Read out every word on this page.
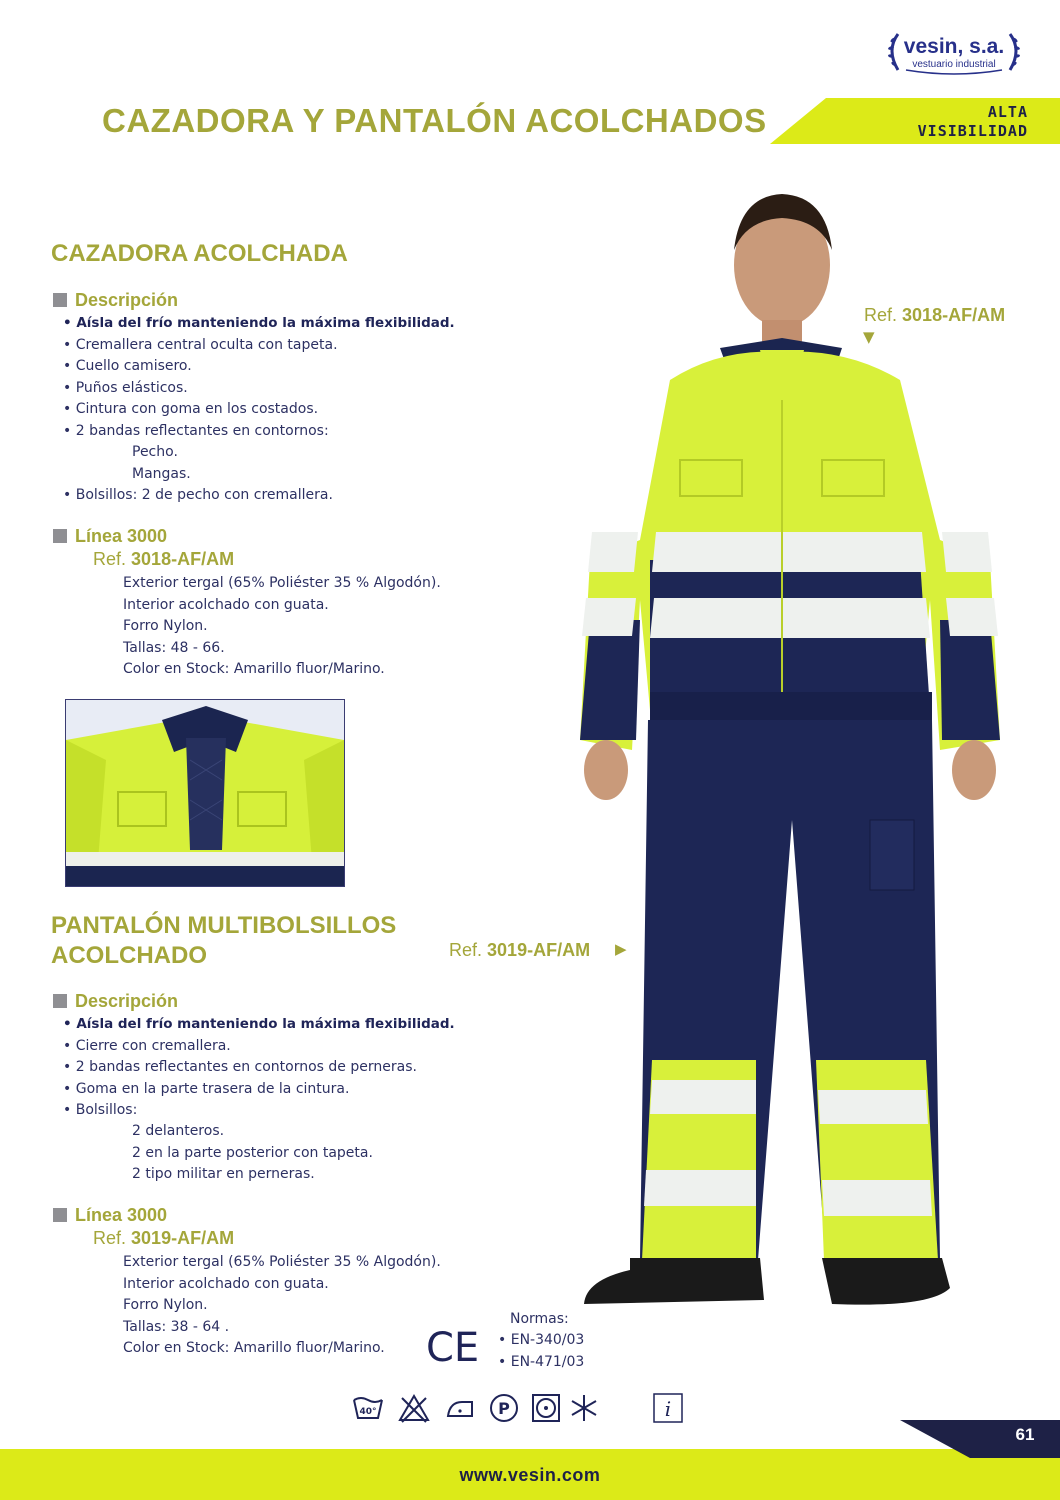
vesin, s.a.
vestuario industrial
CAZADORA Y PANTALÓN ACOLCHADOS	ALTA
VISIBILIDAD
CAZADORA ACOLCHADA
Descripción
• Aísla del frío manteniendo la máxima flexibilidad.
• Cremallera central oculta con tapeta.
• Cuello camisero.
• Puños elásticos.
• Cintura con goma en los costados.
• 2 bandas reflectantes en contornos:
Pecho.
Mangas.
• Bolsillos: 2 de pecho con cremallera.
Línea 3000
Ref. 3018-AF/AM
Exterior tergal (65% Poliéster 35 % Algodón).
Interior acolchado con guata.
Forro Nylon.
Tallas: 48 - 66.
Color en Stock: Amarillo fluor/Marino.
Ref. 3018-AF/AM
▼
PANTALÓN MULTIBOLSILLOS
ACOLCHADO	Ref. 3019-AF/AM ▶
Descripción
• Aísla del frío manteniendo la máxima flexibilidad.
• Cierre con cremallera.
• 2 bandas reflectantes en contornos de perneras.
• Goma en la parte trasera de la cintura.
• Bolsillos:
2 delanteros.
2 en la parte posterior con tapeta.
2 tipo militar en perneras.
Línea 3000
Ref. 3019-AF/AM
Exterior tergal (65% Poliéster 35 % Algodón).
Interior acolchado con guata.
Forro Nylon.
Tallas: 38 - 64 .
Color en Stock: Amarillo fluor/Marino.
Normas:
• EN-340/03
• EN-471/03
CE
40°	P	i
61
www.vesin.com
